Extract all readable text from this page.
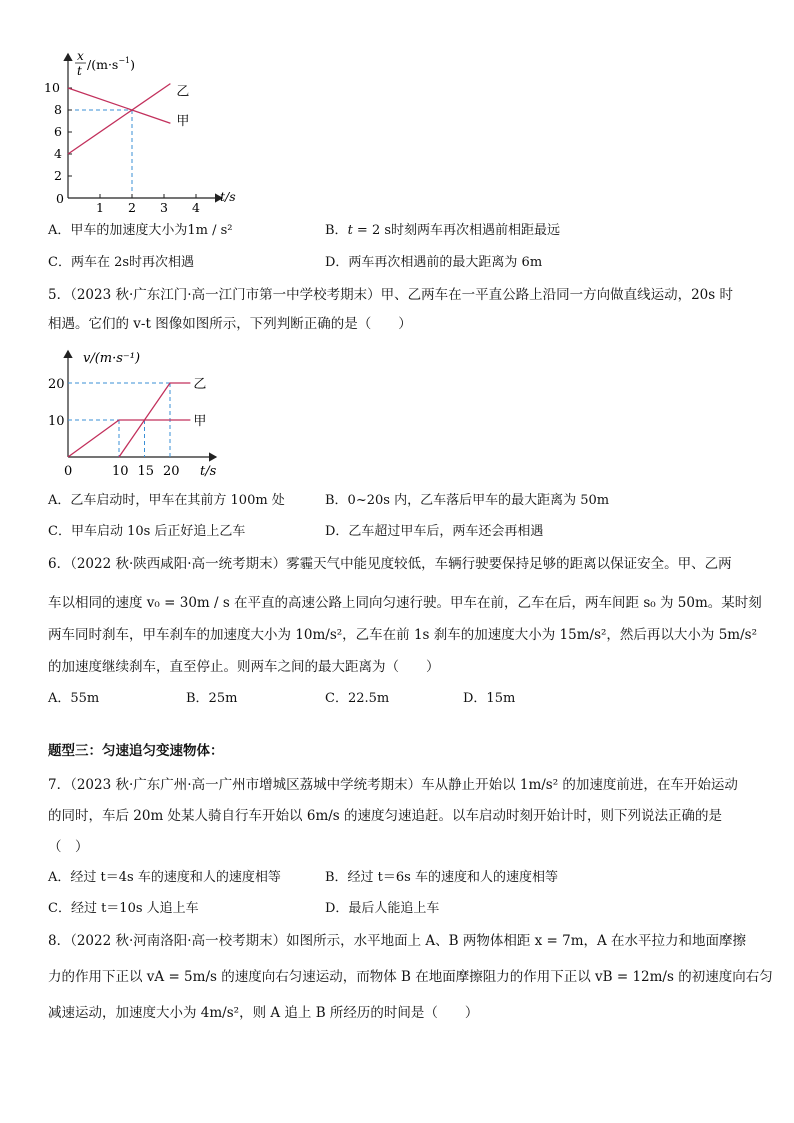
1 2 3 4
2
4
6
8
10	乙
甲
x
t $/(m\cdot s^{-1})$
t/s
0
A．甲车的加速度大小为1m / s²	B．t = 2 s时刻两车再次相遇前相距最远
C．两车在 2s时再次相遇	D．两车再次相遇前的最大距离为 6m
5．（2023 秋·广东江门·高一江门市第一中学校考期末）甲、乙两车在一平直公路上沿同一方向做直线运动，20s 时
相遇。它们的 v-t 图像如图所示，下列判断正确的是（　　）
10 15 20
10
20
甲
乙
v/(m·s⁻¹)
t/s
0
A．乙车启动时，甲车在其前方 100m 处	B．0~20s 内，乙车落后甲车的最大距离为 50m
C．甲车启动 10s 后正好追上乙车	D．乙车超过甲车后，两车还会再相遇
6．（2022 秋·陕西咸阳·高一统考期末）雾霾天气中能见度较低，车辆行驶要保持足够的距离以保证安全。甲、乙两
车以相同的速度 v₀ = 30m / s 在平直的高速公路上同向匀速行驶。甲车在前，乙车在后，两车间距 s₀ 为 50m。某时刻
两车同时刹车，甲车刹车的加速度大小为 10m/s²，乙车在前 1s 刹车的加速度大小为 15m/s²，然后再以大小为 5m/s²
的加速度继续刹车，直至停止。则两车之间的最大距离为（　　）
A．55m	B．25m	C．22.5m	D．15m
题型三：匀速追匀变速物体：
7．（2023 秋·广东广州·高一广州市增城区荔城中学统考期末）车从静止开始以 1m/s² 的加速度前进，在车开始运动
的同时，车后 20m 处某人骑自行车开始以 6m/s 的速度匀速追赶。以车启动时刻开始计时，则下列说法正确的是
（　）
A．经过 t＝4s 车的速度和人的速度相等	B．经过 t＝6s 车的速度和人的速度相等
C．经过 t＝10s 人追上车	D．最后人能追上车
8．（2022 秋·河南洛阳·高一校考期末）如图所示，水平地面上 A、B 两物体相距 x = 7m，A 在水平拉力和地面摩擦
力的作用下正以 vA = 5m/s 的速度向右匀速运动，而物体 B 在地面摩擦阻力的作用下正以 vB = 12m/s 的初速度向右匀
减速运动，加速度大小为 4m/s²，则 A 追上 B 所经历的时间是（　　）
